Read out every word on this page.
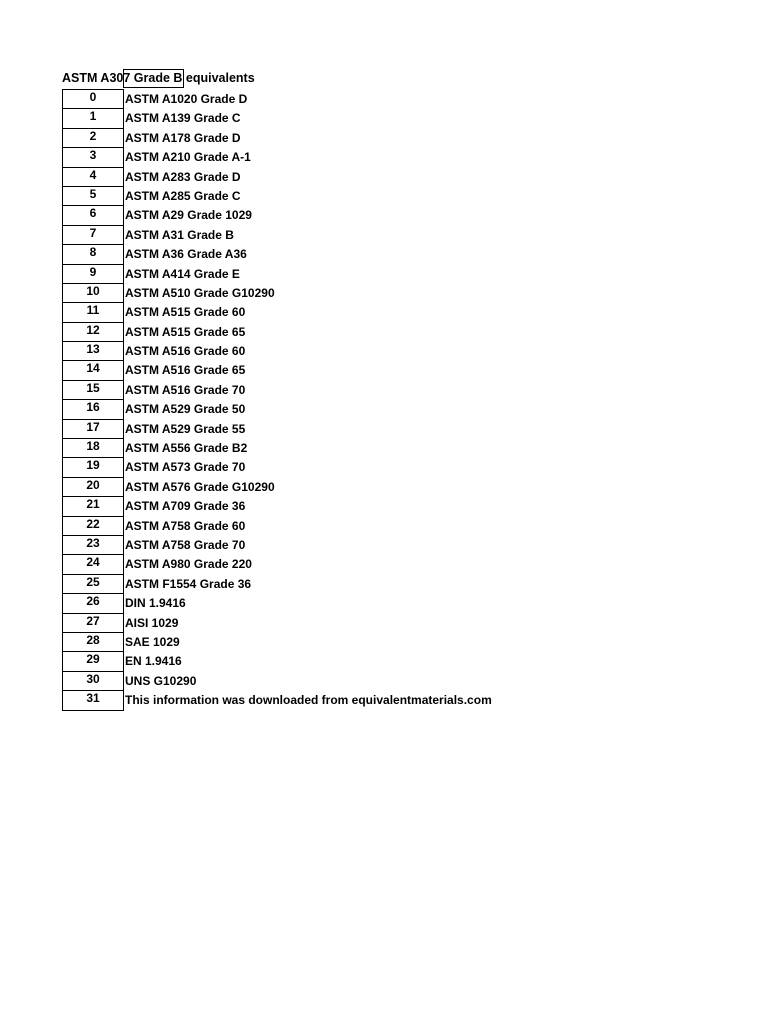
ASTM A307 Grade B equivalents
0	ASTM A1020 Grade D
1	ASTM A139 Grade C
2	ASTM A178 Grade D
3	ASTM A210 Grade A-1
4	ASTM A283 Grade D
5	ASTM A285 Grade C
6	ASTM A29 Grade 1029
7	ASTM A31 Grade B
8	ASTM A36 Grade A36
9	ASTM A414 Grade E
10	ASTM A510 Grade G10290
11	ASTM A515 Grade 60
12	ASTM A515 Grade 65
13	ASTM A516 Grade 60
14	ASTM A516 Grade 65
15	ASTM A516 Grade 70
16	ASTM A529 Grade 50
17	ASTM A529 Grade 55
18	ASTM A556 Grade B2
19	ASTM A573 Grade 70
20	ASTM A576 Grade G10290
21	ASTM A709 Grade 36
22	ASTM A758 Grade 60
23	ASTM A758 Grade 70
24	ASTM A980 Grade 220
25	ASTM F1554 Grade 36
26	DIN 1.9416
27	AISI 1029
28	SAE 1029
29	EN 1.9416
30	UNS G10290
31	This information was downloaded from equivalentmaterials.com
